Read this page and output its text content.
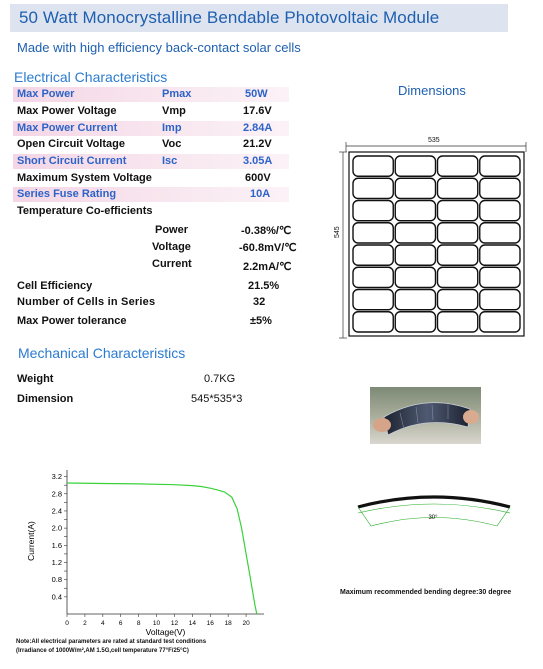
50 Watt Monocrystalline Bendable Photovoltaic Module
Made with high efficiency back-contact solar cells
Electrical Characteristics
Max Power	Pmax	50W
Max Power Voltage	Vmp	17.6V
Max Power Current	Imp	2.84A
Open Circuit Voltage	Voc	21.2V
Short Circuit Current	Isc	3.05A
Maximum System Voltage	600V
Series Fuse Rating	10A
Temperature Co-efficients
Power	-0.38%/℃
Voltage	-60.8mV/℃
Current	2.2mA/℃
Cell Efficiency	21.5%
Number of Cells in Series	32
Max Power tolerance	±5%
Dimensions
535
545
Mechanical Characteristics
Weight	0.7KG
Dimension	545*535*3
0 2 4 6 8 10 12 14 16 18 20
0.4
0.8
1.2
1.6
2.0
2.4
2.8
3.2
Voltage(V)
Current(A)
30°
Maximum recommended bending degree:30 degree
Note:All electrical parameters are rated at standard test conditions
(Irradiance of 1000W/m²,AM 1.5G,cell temperature 77°F/25°C)
